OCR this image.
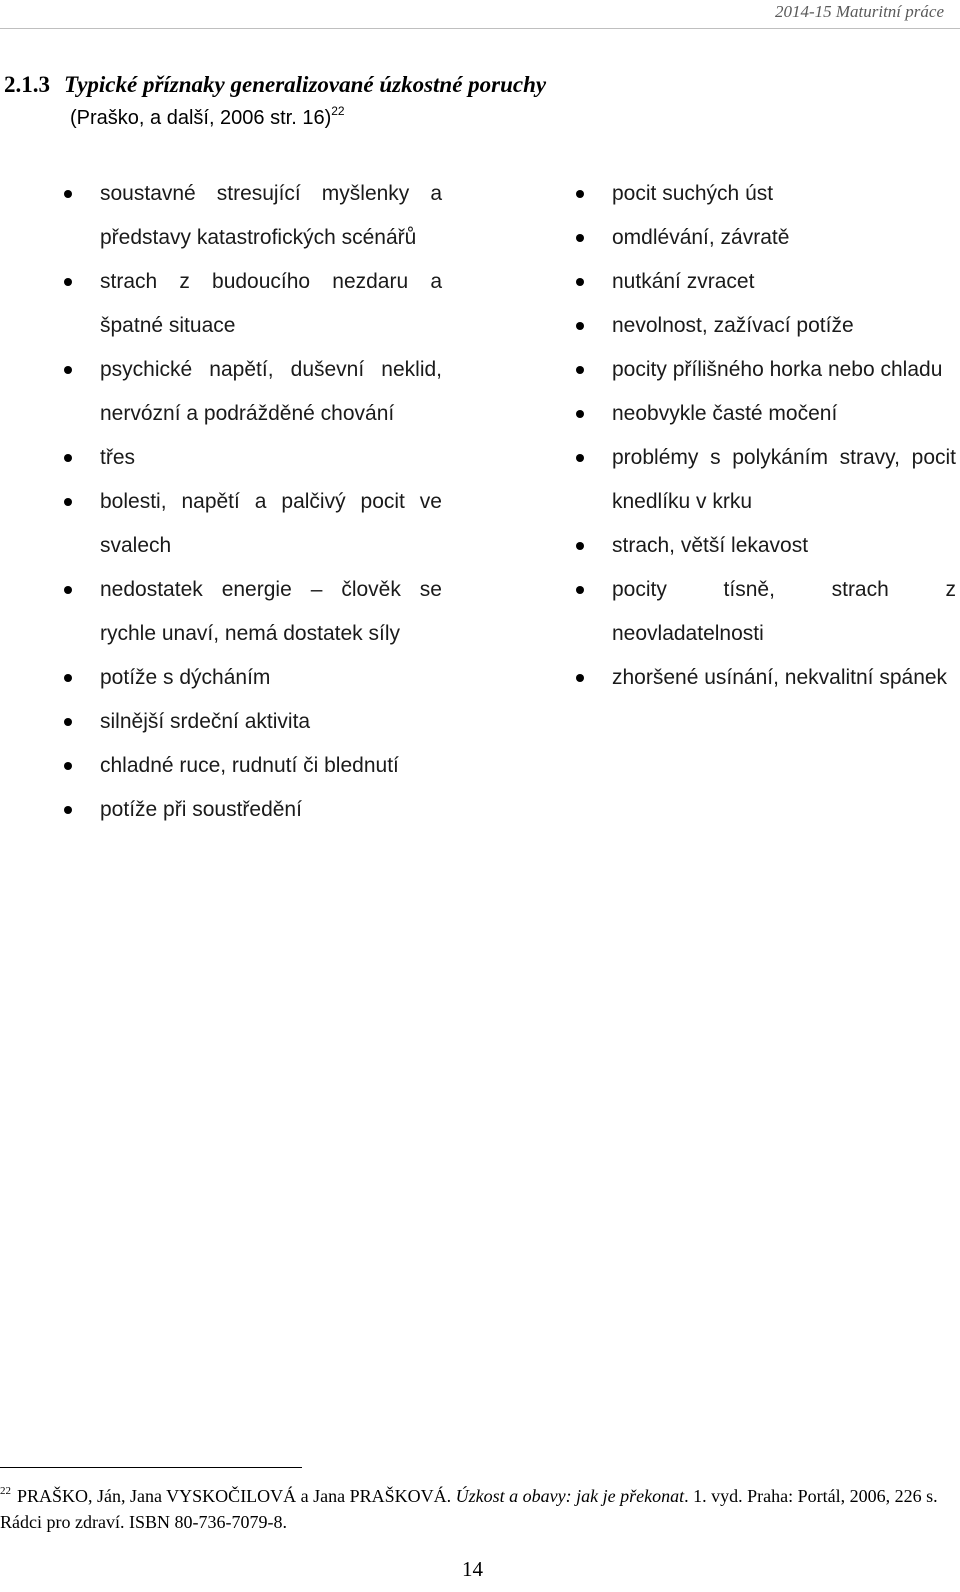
2014-15 Maturitní práce
2.1.3 Typické příznaky generalizované úzkostné poruchy
(Praško, a další, 2006 str. 16)$^{22}$
soustavné stresující myšlenky a představy katastrofických scénářů
strach z budoucího nezdaru a špatné situace
psychické napětí, duševní neklid, nervózní a podrážděné chování
třes
bolesti, napětí a palčivý pocit ve svalech
nedostatek energie – člověk se rychle unaví, nemá dostatek síly
potíže s dýcháním
silnější srdeční aktivita
chladné ruce, rudnutí či blednutí
potíže při soustředění
pocit suchých úst
omdlévání, závratě
nutkání zvracet
nevolnost, zažívací potíže
pocity přílišného horka nebo chladu
neobvykle časté močení
problémy s polykáním stravy, pocit knedlíku v krku
strach, větší lekavost
pocity tísně, strach z neovladatelnosti
zhoršené usínání, nekvalitní spánek
$^{22}$ PRAŠKO, Ján, Jana VYSKOČILOVÁ a Jana PRAŠKOVÁ. Úzkost a obavy: jak je překonat. 1. vyd. Praha: Portál, 2006, 226 s. Rádci pro zdraví. ISBN 80-736-7079-8.
14
